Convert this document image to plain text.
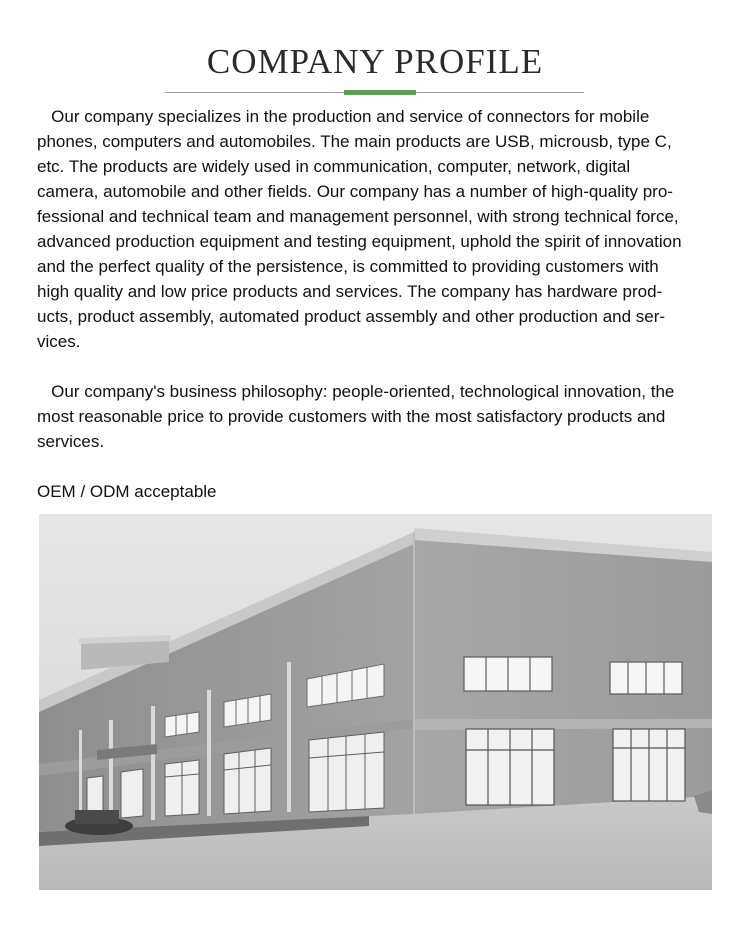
COMPANY PROFILE

Our company specializes in the production and service of connectors for mobile

phones, computers and automobiles. The main products are USB, microusb, type C,

etc. The products are widely used in communication, computer, network, digital

camera, automobile and other fields. Our company has a number of high-quality pro-

fessional and technical team and management personnel, with strong technical force,

advanced production equipment and testing equipment, uphold the spirit of innovation

and the perfect quality of the persistence, is committed to providing customers with

high quality and low price products and services. The company has hardware prod-

ucts, product assembly, automated product assembly and other production and ser-

vices.

Our company's business philosophy: people-oriented, technological innovation, the

most reasonable price to provide customers with the most satisfactory products and

services.

OEM / ODM acceptable
